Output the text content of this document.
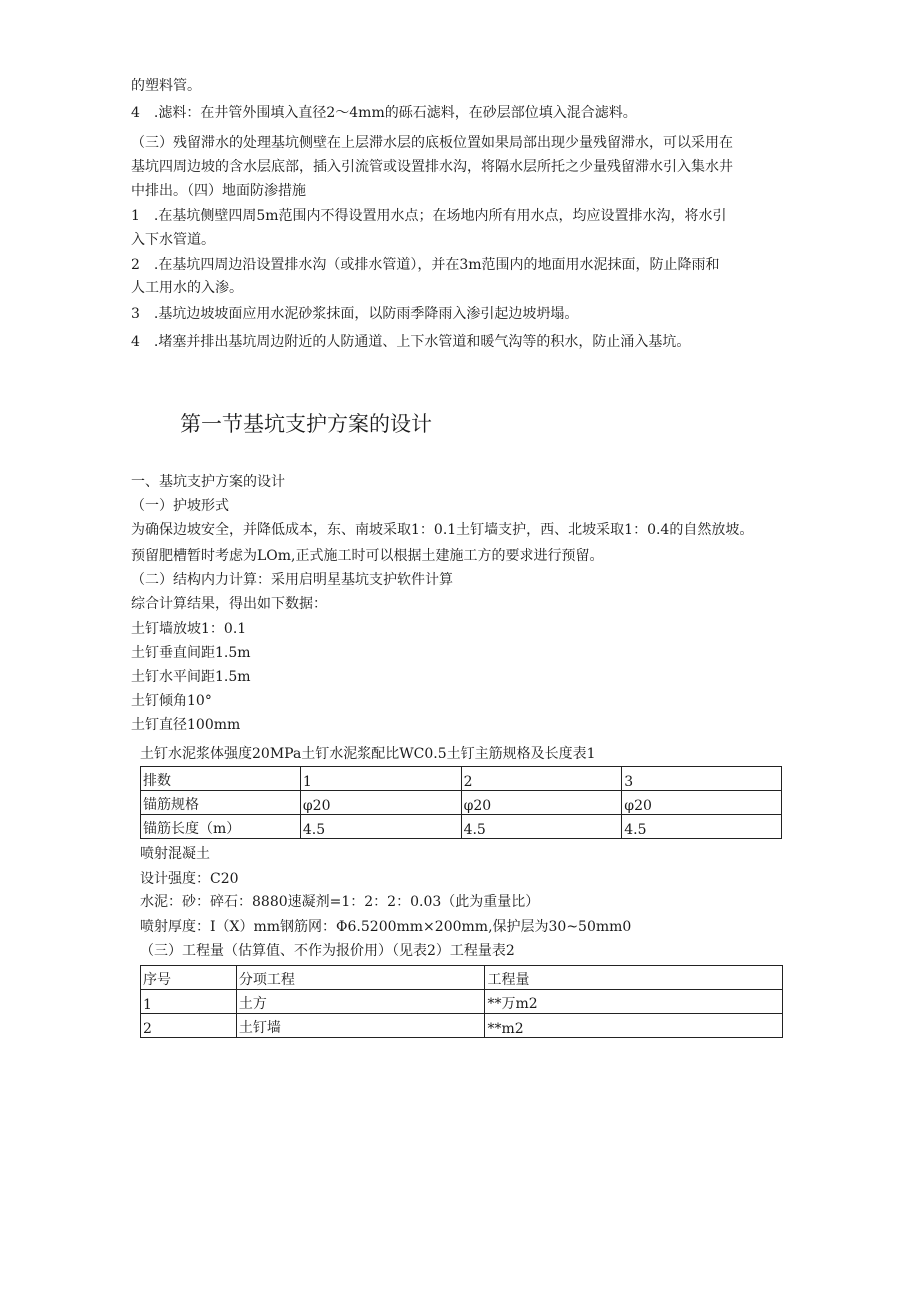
的塑料管。
4　.滤料：在井管外围填入直径2～4mm的砾石滤料，在砂层部位填入混合滤料。
（三）残留滞水的处理基坑侧壁在上层滞水层的底板位置如果局部出现少量残留滞水，可以采用在
基坑四周边坡的含水层底部，插入引流管或设置排水沟，将隔水层所托之少量残留滞水引入集水井
中排出。（四）地面防渗措施
1　.在基坑侧壁四周5m范围内不得设置用水点；在场地内所有用水点，均应设置排水沟，将水引
入下水管道。
2　.在基坑四周边沿设置排水沟（或排水管道），并在3m范围内的地面用水泥抹面，防止降雨和
人工用水的入渗。
3　.基坑边坡坡面应用水泥砂浆抹面，以防雨季降雨入渗引起边坡坍塌。
4　.堵塞并排出基坑周边附近的人防通道、上下水管道和暖气沟等的积水，防止涌入基坑。
第一节基坑支护方案的设计
一、基坑支护方案的设计
（一）护坡形式
为确保边坡安全，并降低成本，东、南坡采取1：0.1土钉墙支护，西、北坡采取1：0.4的自然放坡。
预留肥槽暂时考虑为LOm,正式施工时可以根据土建施工方的要求进行预留。
（二）结构内力计算：采用启明星基坑支护软件计算
综合计算结果，得出如下数据：
土钉墙放坡1：0.1
土钉垂直间距1.5m
土钉水平间距1.5m
土钉倾角10°
土钉直径100mm
土钉水泥浆体强度20MPa土钉水泥浆配比WC0.5土钉主筋规格及长度表1
排数	1	2	3
锚筋规格	φ20	φ20	φ20
锚筋长度（m）	4.5	4.5	4.5
喷射混凝土
设计强度：C20
水泥：砂：碎石：8880速凝剂=1：2：2：0.03（此为重量比）
喷射厚度：I（X）mm钢筋网：Φ6.5200mm×200mm,保护层为30~50mm0
（三）工程量（估算值、不作为报价用）（见表2）工程量表2
序号	分项工程	工程量
1	土方	**万m2
2	土钉墙	**m2
